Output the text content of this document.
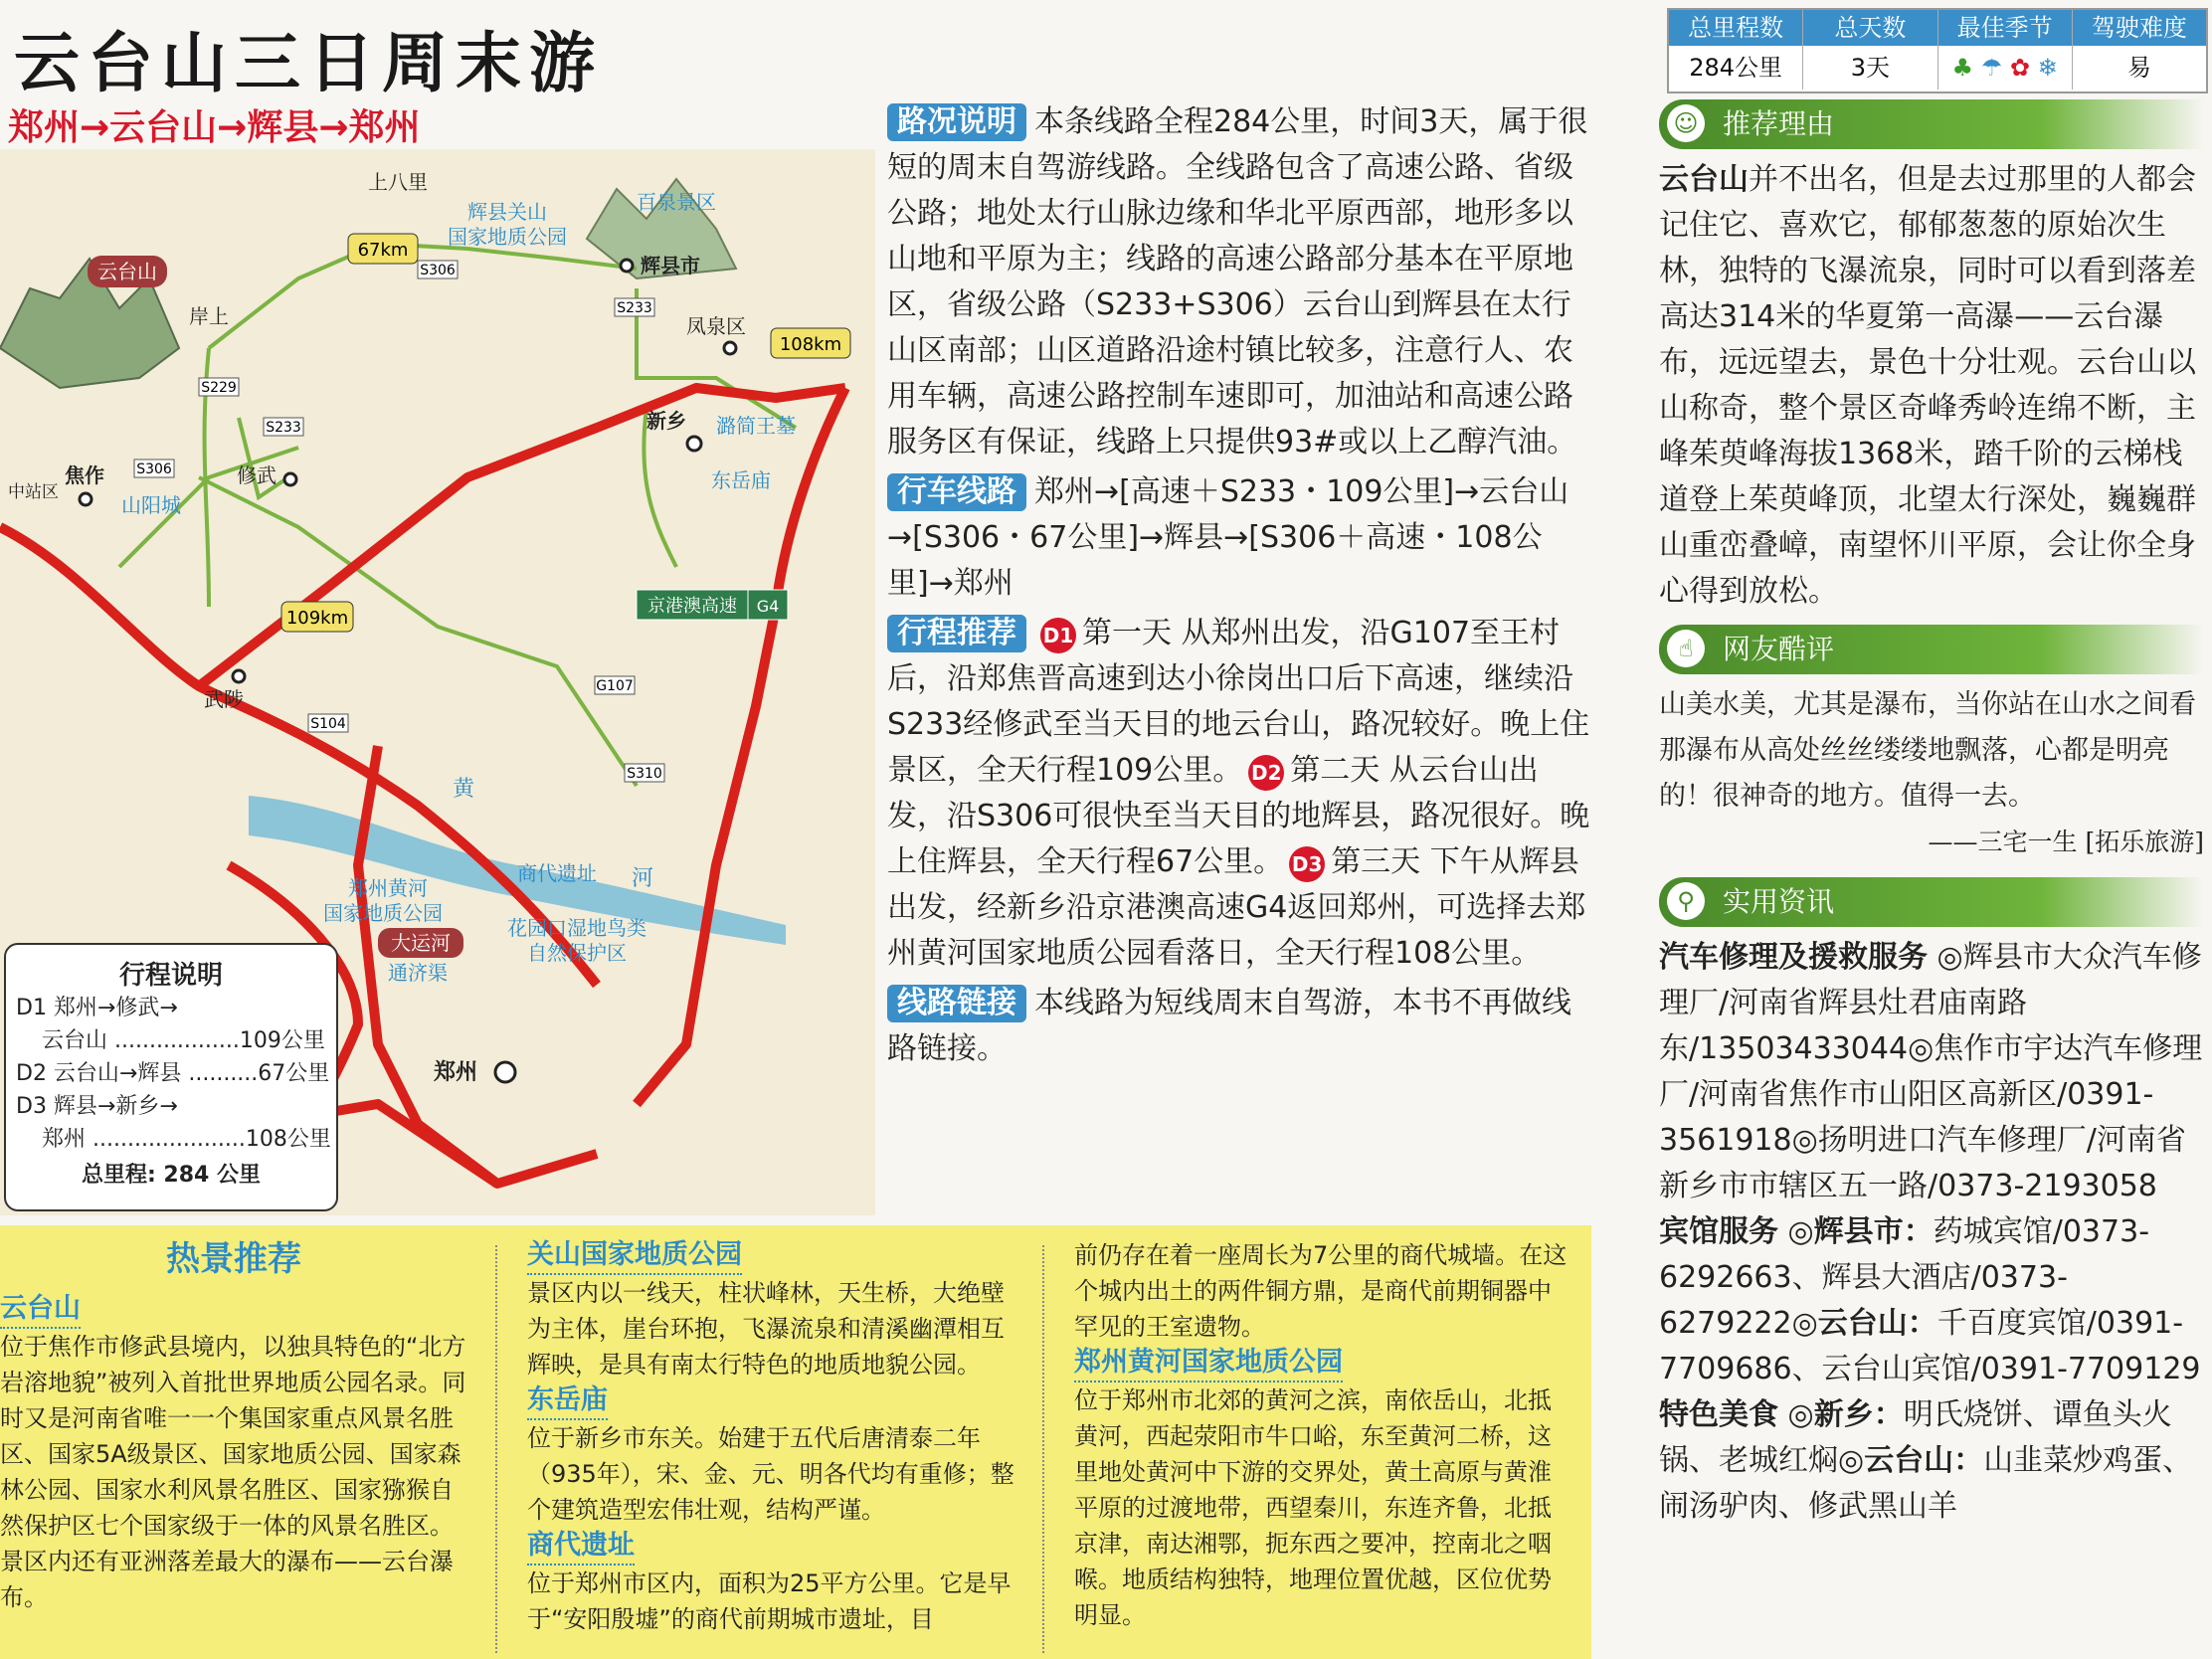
云台山三日周末游
郑州→云台山→辉县→郑州
总里程数	总天数	最佳季节	驾驶难度
284公里	3天	♣ ☂ ✿ ❄	易
67km
108km
109km
S306
S229
S233
S306
S233
G107
S104
S310
京港澳高速 G4
上八里
辉县关山
国家地质公园
百泉景区
辉县市
云台山
岸上	凤泉区
新乡 潞简王墓
东岳庙
焦作
中站区
山阳城
修武
武陟
黄
河
商代遗址
郑州黄河
国家地质公园
花园口湿地鸟类
自然保护区
大运河
通济渠
郑州
行程说明
D1 郑州→修武→
云台山 ..................109公里
D2 云台山→辉县 ..........67公里
D3 辉县→新乡→
郑州 ......................108公里
总里程: 284 公里

路况说明 本条线路全程284公里，时间3天，属于很短的周末自驾游线路。全线路包含了高速公路、省级公路；地处太行山脉边缘和华北平原西部，地形多以山地和平原为主；线路的高速公路部分基本在平原地区，省级公路（S233+S306）云台山到辉县在太行山区南部；山区道路沿途村镇比较多，注意行人、农用车辆，高速公路控制车速即可，加油站和高速公路服务区有保证，线路上只提供93#或以上乙醇汽油。

行车线路 郑州→[高速＋S233・109公里]→云台山→[S306・67公里]→辉县→[S306＋高速・108公里]→郑州

行程推荐 D1 第一天 从郑州出发，沿G107至王村后，沿郑焦晋高速到达小徐岗出口后下高速，继续沿S233经修武至当天目的地云台山，路况较好。晚上住景区，全天行程109公里。 D2 第二天 从云台山出发，沿S306可很快至当天目的地辉县，路况很好。晚上住辉县，全天行程67公里。 D3 第三天 下午从辉县出发，经新乡沿京港澳高速G4返回郑州，可选择去郑州黄河国家地质公园看落日，全天行程108公里。

线路链接 本线路为短线周末自驾游，本书不再做线路链接。

☺ 推荐理由
云台山并不出名，但是去过那里的人都会记住它、喜欢它，郁郁葱葱的原始次生林，独特的飞瀑流泉，同时可以看到落差高达314米的华夏第一高瀑——云台瀑布，远远望去，景色十分壮观。云台山以山称奇，整个景区奇峰秀岭连绵不断，主峰茱萸峰海拔1368米，踏千阶的云梯栈道登上茱萸峰顶，北望太行深处，巍巍群山重峦叠嶂，南望怀川平原，会让你全身心得到放松。
☝	网友酷评
山美水美，尤其是瀑布，当你站在山水之间看那瀑布从高处丝丝缕缕地飘落，心都是明亮的！很神奇的地方。值得一去。
——三宅一生 [拓乐旅游]
⚲	实用资讯
汽车修理及援救服务 ◎辉县市大众汽车修理厂/河南省辉县灶君庙南路东/13503433044◎焦作市宇达汽车修理厂/河南省焦作市山阳区高新区/0391-3561918◎扬明进口汽车修理厂/河南省新乡市市辖区五一路/0373-2193058
宾馆服务 ◎辉县市：药城宾馆/0373-6292663、辉县大酒店/0373-6279222◎云台山：千百度宾馆/0391-7709686、云台山宾馆/0391-7709129
特色美食 ◎新乡：明氏烧饼、谭鱼头火锅、老城红焖◎云台山：山韭菜炒鸡蛋、闹汤驴肉、修武黑山羊
热景推荐
云台山
位于焦作市修武县境内，以独具特色的“北方岩溶地貌”被列入首批世界地质公园名录。同时又是河南省唯一一个集国家重点风景名胜区、国家5A级景区、国家地质公园、国家森林公园、国家水利风景名胜区、国家猕猴自然保护区七个国家级于一体的风景名胜区。景区内还有亚洲落差最大的瀑布——云台瀑布。
关山国家地质公园
景区内以一线天，柱状峰林，天生桥，大绝壁为主体，崖台环抱，飞瀑流泉和清溪幽潭相互辉映，是具有南太行特色的地质地貌公园。
东岳庙
位于新乡市东关。始建于五代后唐清泰二年（935年），宋、金、元、明各代均有重修；整个建筑造型宏伟壮观，结构严谨。
商代遗址
位于郑州市区内，面积为25平方公里。它是早于“安阳殷墟”的商代前期城市遗址，目
前仍存在着一座周长为7公里的商代城墙。在这个城内出土的两件铜方鼎，是商代前期铜器中罕见的王室遗物。
郑州黄河国家地质公园
位于郑州市北郊的黄河之滨，南依岳山，北抵黄河，西起荥阳市牛口峪，东至黄河二桥，这里地处黄河中下游的交界处，黄土高原与黄淮平原的过渡地带，西望秦川，东连齐鲁，北抵京津，南达湘鄂，扼东西之要冲，控南北之咽喉。地质结构独特，地理位置优越，区位优势明显。
